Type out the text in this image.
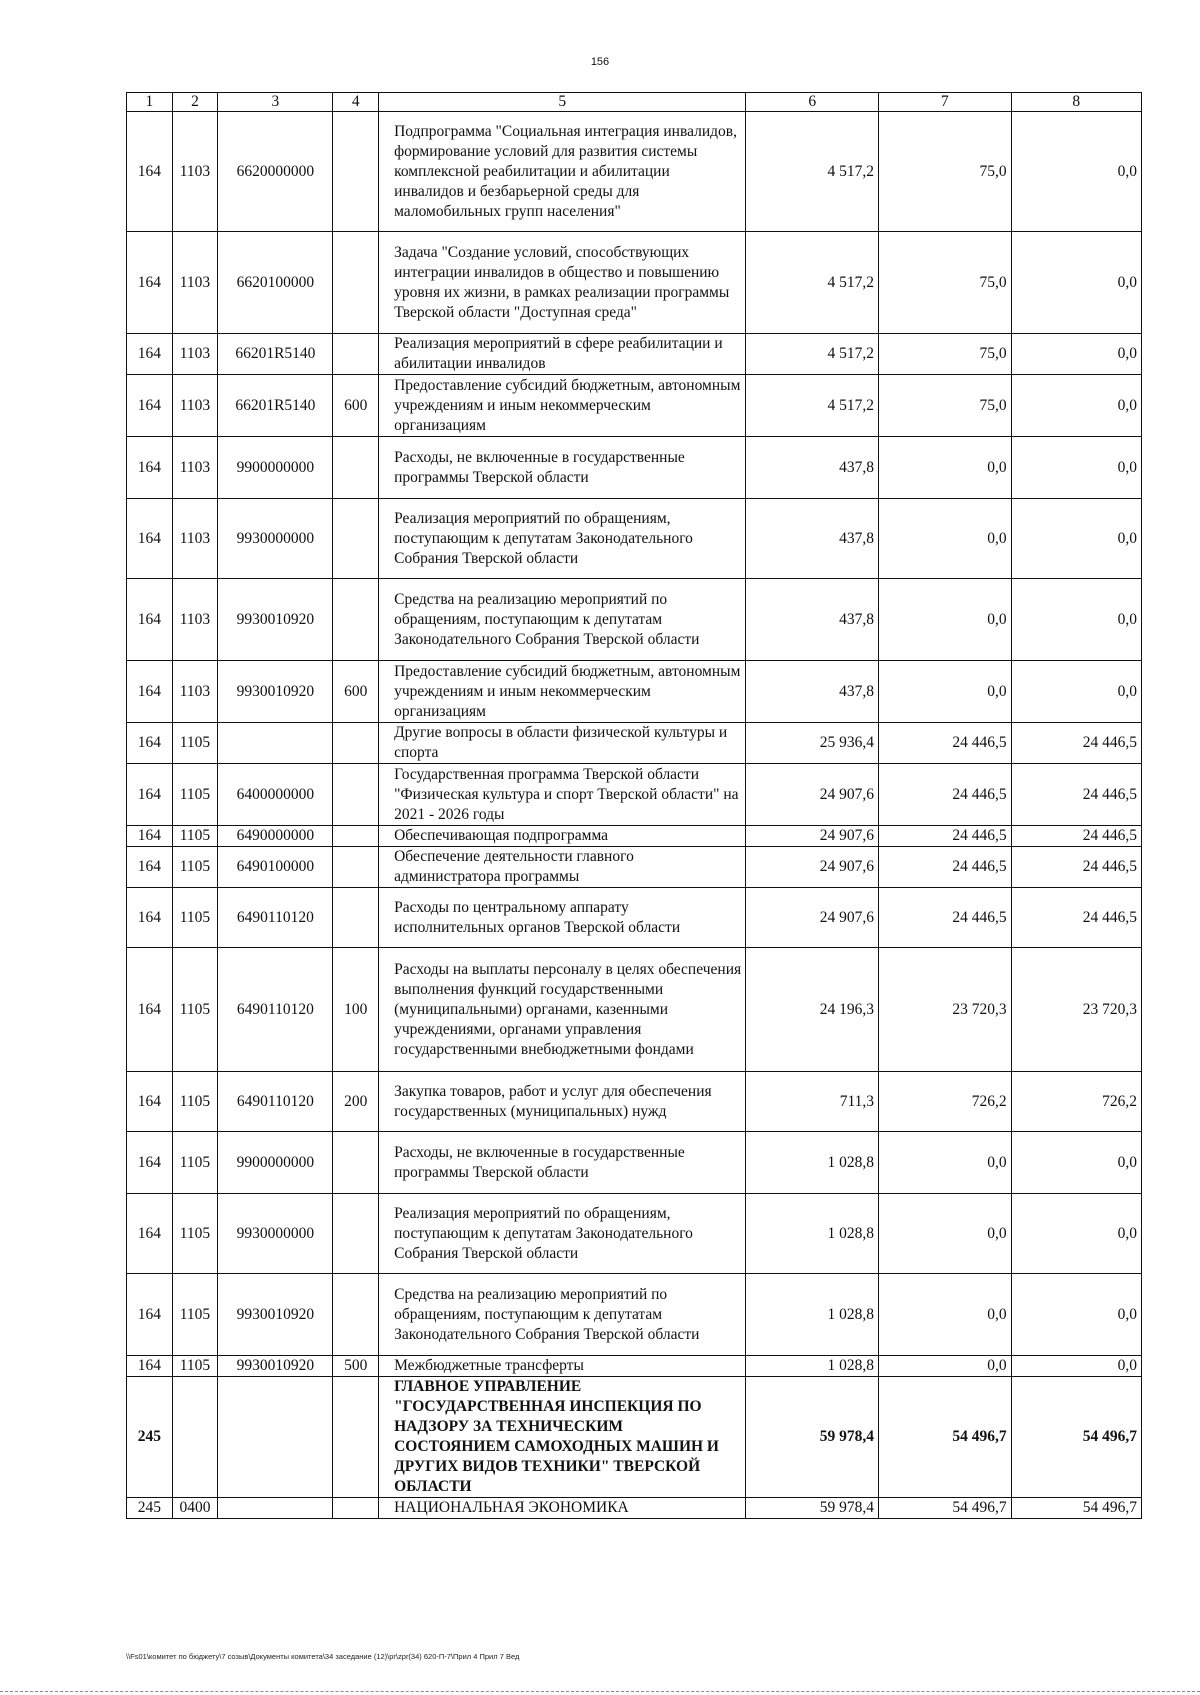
156
1	2	3	4	5	6	7	8
164	1103	6620000000		Подпрограмма "Социальная интеграция инвалидов, формирование условий для развития системы комплексной реабилитации и абилитации инвалидов и безбарьерной среды для маломобильных групп населения"	4 517,2	75,0	0,0
164	1103	6620100000		Задача "Создание условий, способствующих интеграции инвалидов в общество и повышению уровня их жизни, в рамках реализации программы Тверской области "Доступная среда"	4 517,2	75,0	0,0
164	1103	66201R5140		Реализация мероприятий в сфере реабилитации и абилитации инвалидов	4 517,2	75,0	0,0
164	1103	66201R5140	600	Предоставление субсидий бюджетным, автономным учреждениям и иным некоммерческим организациям	4 517,2	75,0	0,0
164	1103	9900000000		Расходы, не включенные в государственные программы Тверской области	437,8	0,0	0,0
164	1103	9930000000		Реализация мероприятий по обращениям, поступающим к депутатам Законодательного Собрания Тверской области	437,8	0,0	0,0
164	1103	9930010920		Средства на реализацию мероприятий по обращениям, поступающим к депутатам Законодательного Собрания Тверской области	437,8	0,0	0,0
164	1103	9930010920	600	Предоставление субсидий бюджетным, автономным учреждениям и иным некоммерческим организациям	437,8	0,0	0,0
164	1105			Другие вопросы в области физической культуры и спорта	25 936,4	24 446,5	24 446,5
164	1105	6400000000		Государственная программа Тверской области "Физическая культура и спорт Тверской области" на 2021 - 2026 годы	24 907,6	24 446,5	24 446,5
164	1105	6490000000		Обеспечивающая подпрограмма	24 907,6	24 446,5	24 446,5
164	1105	6490100000		Обеспечение деятельности главного администратора программы	24 907,6	24 446,5	24 446,5
164	1105	6490110120		Расходы по центральному аппарату исполнительных органов Тверской области	24 907,6	24 446,5	24 446,5
164	1105	6490110120	100	Расходы на выплаты персоналу в целях обеспечения выполнения функций государственными (муниципальными) органами, казенными учреждениями, органами управления государственными внебюджетными фондами	24 196,3	23 720,3	23 720,3
164	1105	6490110120	200	Закупка товаров, работ и услуг для обеспечения государственных (муниципальных) нужд	711,3	726,2	726,2
164	1105	9900000000		Расходы, не включенные в государственные программы Тверской области	1 028,8	0,0	0,0
164	1105	9930000000		Реализация мероприятий по обращениям, поступающим к депутатам Законодательного Собрания Тверской области	1 028,8	0,0	0,0
164	1105	9930010920		Средства на реализацию мероприятий по обращениям, поступающим к депутатам Законодательного Собрания Тверской области	1 028,8	0,0	0,0
164	1105	9930010920	500	Межбюджетные трансферты	1 028,8	0,0	0,0
245				ГЛАВНОЕ УПРАВЛЕНИЕ "ГОСУДАРСТВЕННАЯ ИНСПЕКЦИЯ ПО НАДЗОРУ ЗА ТЕХНИЧЕСКИМ СОСТОЯНИЕМ САМОХОДНЫХ МАШИН И ДРУГИХ ВИДОВ ТЕХНИКИ" ТВЕРСКОЙ ОБЛАСТИ	59 978,4	54 496,7	54 496,7
245	0400			НАЦИОНАЛЬНАЯ ЭКОНОМИКА	59 978,4	54 496,7	54 496,7
\\Fs01\комитет по бюджету\7 созыв\Документы комитета\34 заседание (12)\pr\zpr(34) 620-П-7\Прил 4 Прил 7 Вед
